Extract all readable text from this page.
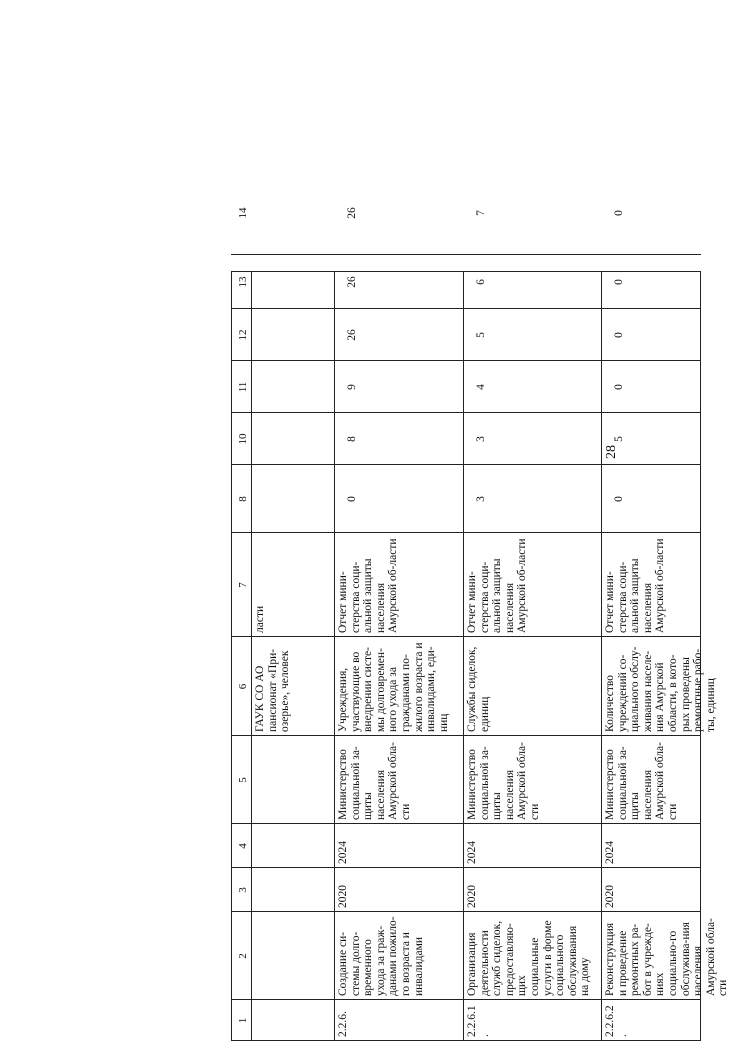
28
1
2
3
4
5
6
7
8
10
11
12
13
14
ГАУК СО АО пансионат «При-озерье», человек
ласти
2.2.6.
Создание си-стемы долго-временного ухода за граж-данами пожило-го возраста и инвалидами
2020
2024
Министерство социальной за-щиты населения Амурской обла-сти
Учреждения, участвующие во внедрении систе-мы долговремен-ного ухода за гражданами по-жилого возраста и инвалидами, еди-ниц
Отчет мини-стерства соци-альной защиты населения Амурской об-ласти
0
8
9
26
26
26
2.2.6.1.
Организация деятельности служб сиделок, предоставляю-щих социальные услуги в форме социального обслуживания на дому
2020
2024
Министерство социальной за-щиты населения Амурской обла-сти
Службы сиделок, единиц
Отчет мини-стерства соци-альной защиты населения Амурской об-ласти
3
3
4
5
6
7
2.2.6.2.
Реконструкция и проведение ремонтных ра-бот в учрежде-ниях социально-го обслужива-ния населения Амурской обла-сти
2020
2024
Министерство социальной за-щиты населения Амурской обла-сти
Количество учреждений со-циального обслу-живания населе-ния Амурской области, в кото-рых проведены ремонтные рабо-ты, единиц
Отчет мини-стерства соци-альной защиты населения Амурской об-ласти
0
5
0
0
0
0
